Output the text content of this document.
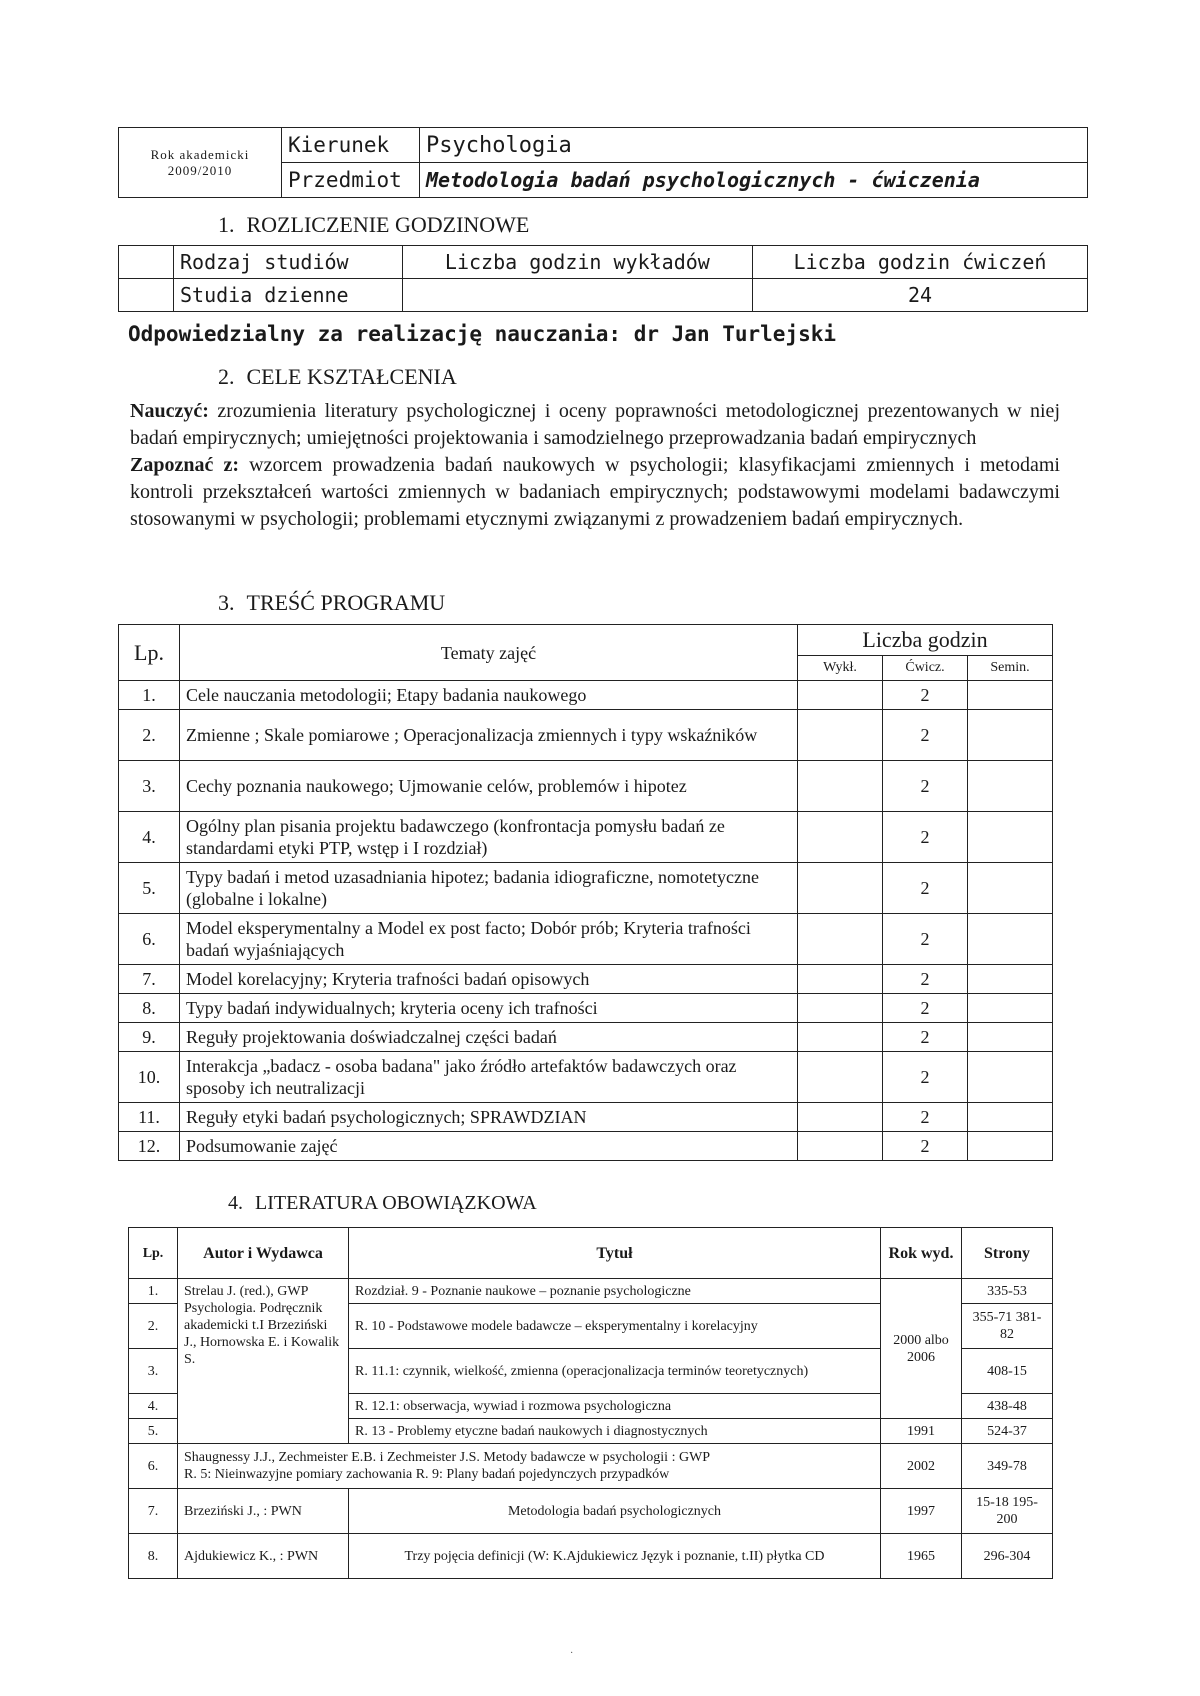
Rok akademicki
2009/2010	Kierunek	Psychologia
	Przedmiot	Metodologia badań psychologicznych - ćwiczenia
1. ROZLICZENIE GODZINOWE
	Rodzaj studiów	Liczba godzin wykładów	Liczba godzin ćwiczeń
	Studia dzienne		24
Odpowiedzialny za realizację nauczania: dr Jan Turlejski
2. CELE KSZTAŁCENIA

Nauczyć: zrozumienia literatury psychologicznej i oceny poprawności metodologicznej prezentowanych w niej badań empirycznych; umiejętności projektowania i samodzielnego przeprowadzania badań empirycznych

Zapoznać z: wzorcem prowadzenia badań naukowych w psychologii; klasyfikacjami zmiennych i metodami kontroli przekształceń wartości zmiennych w badaniach empirycznych; podstawowymi modelami badawczymi stosowanymi w psychologii; problemami etycznymi związanymi z prowadzeniem badań empirycznych.

3. TREŚĆ PROGRAMU
Lp.	Tematy zajęć	Liczba godzin		
		Wykł.	Ćwicz.	Semin.
1.	Cele nauczania metodologii; Etapy badania naukowego		2	
2.	Zmienne ; Skale pomiarowe ; Operacjonalizacja zmiennych i typy wskaźników		2	
3.	Cechy poznania naukowego; Ujmowanie celów, problemów i hipotez		2	
4.	Ogólny plan pisania projektu badawczego (konfrontacja pomysłu badań ze standardami etyki PTP, wstęp i I rozdział)		2	
5.	Typy badań i metod uzasadniania hipotez; badania idiograficzne, nomotetyczne (globalne i lokalne)		2	
6.	Model eksperymentalny a Model ex post facto; Dobór prób; Kryteria trafności badań wyjaśniających		2	
7.	Model korelacyjny; Kryteria trafności badań opisowych		2	
8.	Typy badań indywidualnych; kryteria oceny ich trafności		2	
9.	Reguły projektowania doświadczalnej części badań		2	
10.	Interakcja „badacz - osoba badana" jako źródło artefaktów badawczych oraz sposoby ich neutralizacji		2	
11.	Reguły etyki badań psychologicznych; SPRAWDZIAN		2	
12.	Podsumowanie zajęć		2	
4. LITERATURA OBOWIĄZKOWA
Lp.	Autor i Wydawca	Tytuł	Rok wyd.	Strony
1.	Strelau J. (red.), GWP Psychologia. Podręcznik akademicki t.I Brzeziński J., Hornowska E. i Kowalik S.	Rozdział. 9 - Poznanie naukowe – poznanie psychologiczne	2000 albo 2006	335-53
2.		R. 10 - Podstawowe modele badawcze – eksperymentalny i korelacyjny		355-71 381-82
3.		R. 11.1: czynnik, wielkość, zmienna (operacjonalizacja terminów teoretycznych)		408-15
4.		R. 12.1: obserwacja, wywiad i rozmowa psychologiczna		438-48
5.		R. 13 - Problemy etyczne badań naukowych i diagnostycznych	1991	524-37
6.	Shaugnessy J.J., Zechmeister E.B. i Zechmeister J.S. Metody badawcze w psychologii : GWP
R. 5: Nieinwazyjne pomiary zachowania R. 9: Plany badań pojedynczych przypadków		2002	349-78
7.	Brzeziński J., : PWN	Metodologia badań psychologicznych	1997	15-18 195-200
8.	Ajdukiewicz K., : PWN	Trzy pojęcia definicji (W: K.Ajdukiewicz Język i poznanie, t.II) płytka CD	1965	296-304
·
